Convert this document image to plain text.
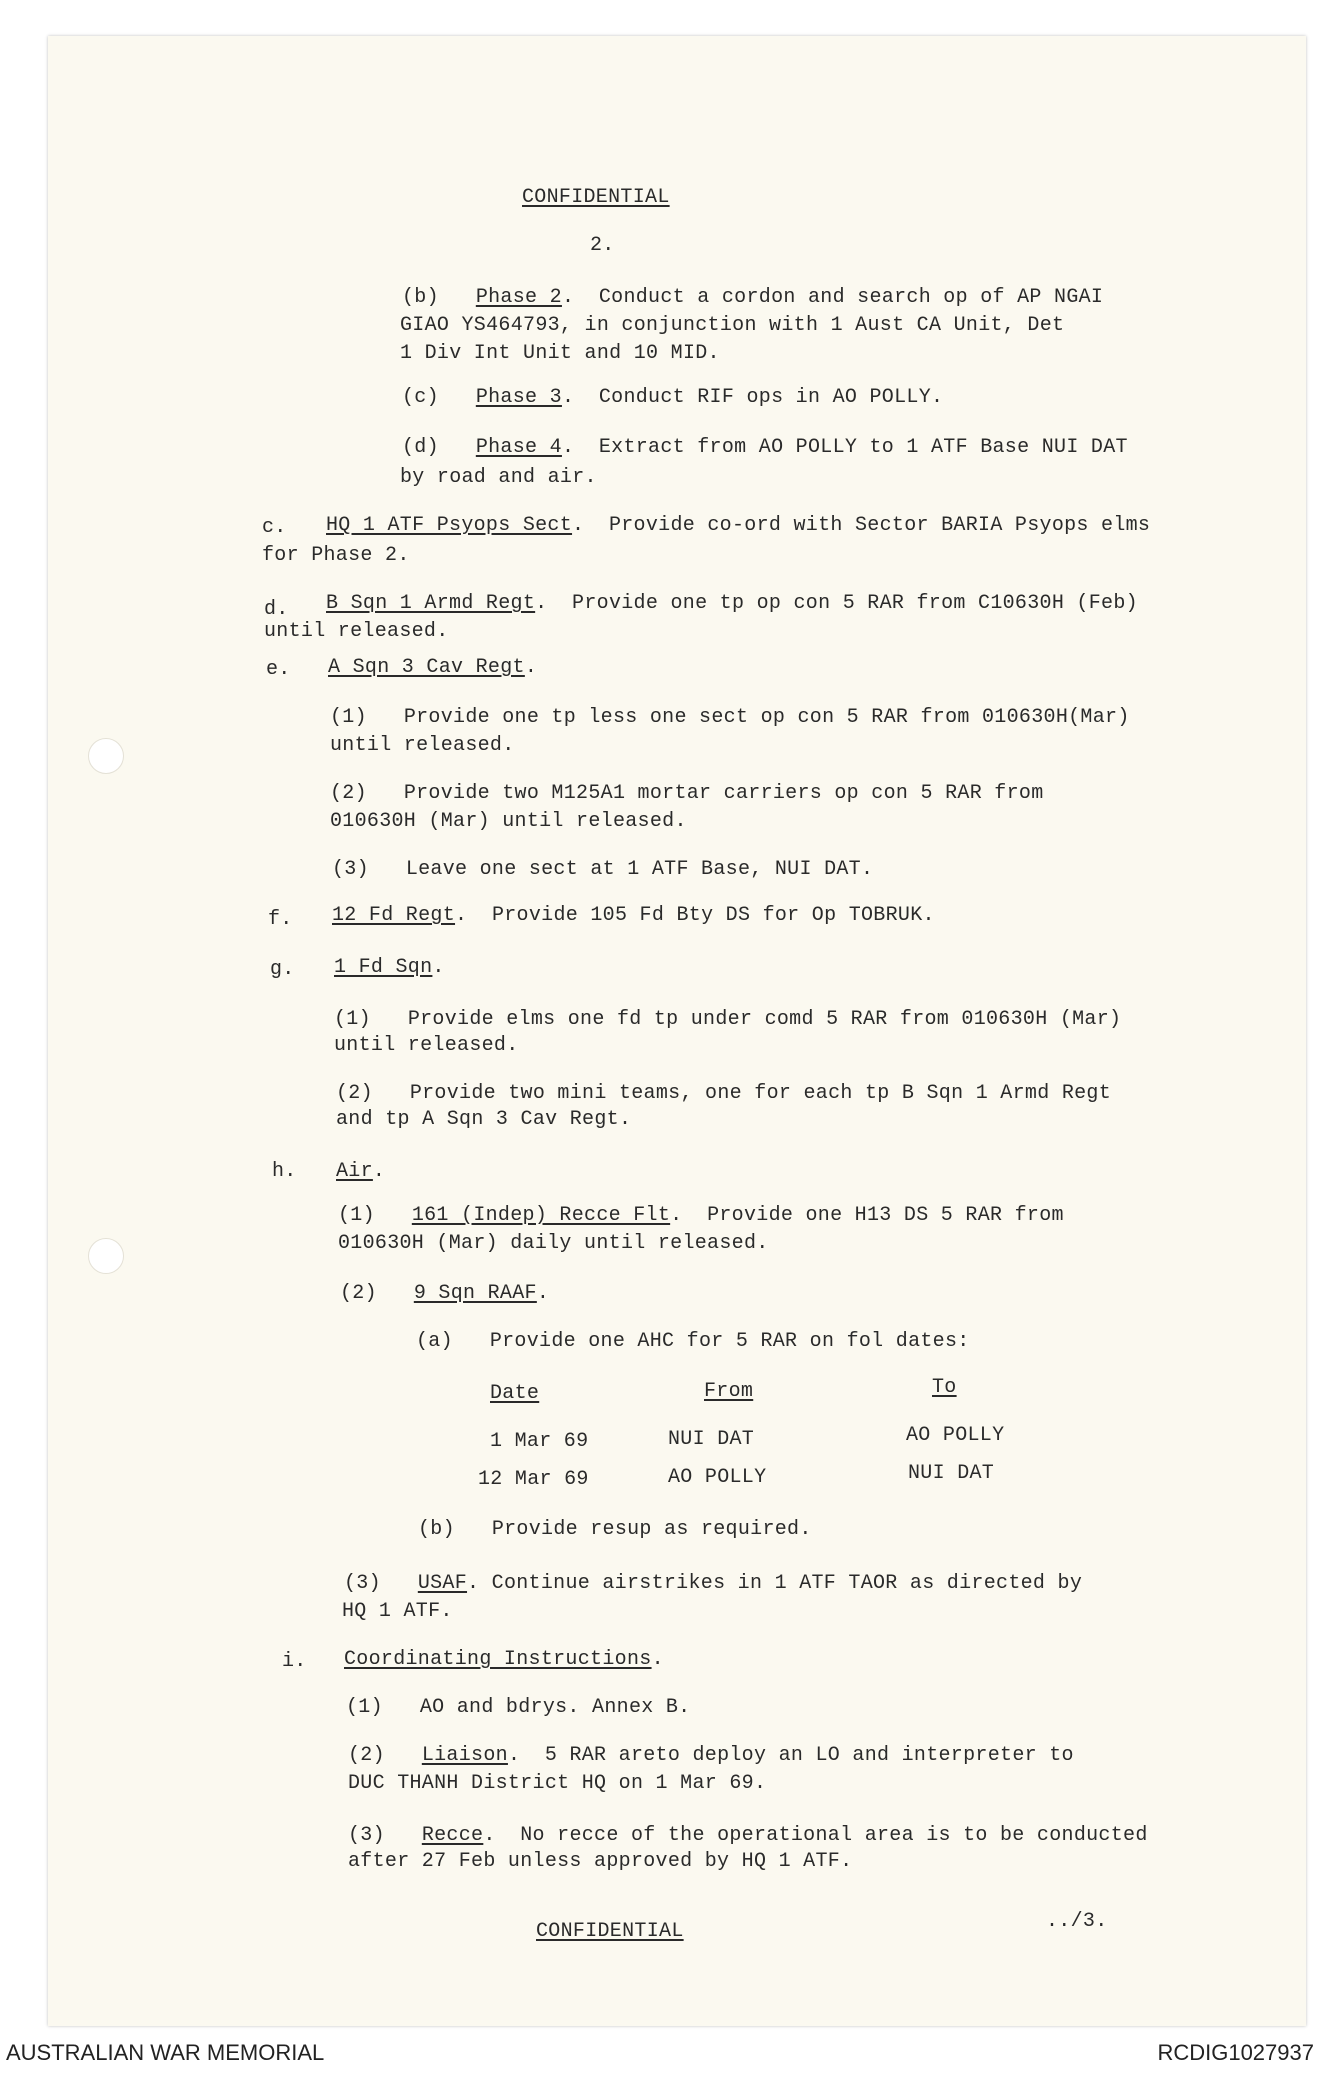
CONFIDENTIAL
2.
(b) Phase 2.  Conduct a cordon and search op of AP NGAI
GIAO YS464793, in conjunction with 1 Aust CA Unit, Det
1 Div Int Unit and 10 MID.
(c) Phase 3.  Conduct RIF ops in AO POLLY.
(d) Phase 4.  Extract from AO POLLY to 1 ATF Base NUI DAT
by road and air.
c. HQ 1 ATF Psyops Sect.  Provide co-ord with Sector BARIA Psyops elms
for Phase 2.
d. B Sqn 1 Armd Regt.  Provide one tp op con 5 RAR from C10630H (Feb)
until released.
e. A Sqn 3 Cav Regt.
(1) Provide one tp less one sect op con 5 RAR from 010630H(Mar)
until released.
(2) Provide two M125A1 mortar carriers op con 5 RAR from
010630H (Mar) until released.
(3) Leave one sect at 1 ATF Base, NUI DAT.
f. 12 Fd Regt.  Provide 105 Fd Bty DS for Op TOBRUK.
g. 1 Fd Sqn.
(1) Provide elms one fd tp under comd 5 RAR from 010630H (Mar)
until released.
(2) Provide two mini teams, one for each tp B Sqn 1 Armd Regt
and tp A Sqn 3 Cav Regt.
h. Air.
(1) 161 (Indep) Recce Flt.  Provide one H13 DS 5 RAR from
010630H (Mar) daily until released.
(2) 9 Sqn RAAF.
(a) Provide one AHC for 5 RAR on fol dates:
Date	From	To
1 Mar 69	NUI DAT	AO POLLY
12 Mar 69	AO POLLY	NUI DAT
(b) Provide resup as required.
(3) USAF. Continue airstrikes in 1 ATF TAOR as directed by
HQ 1 ATF.
i. Coordinating Instructions.
(1) AO and bdrys. Annex B.
(2) Liaison.  5 RAR areto deploy an LO and interpreter to
DUC THANH District HQ on 1 Mar 69.
(3) Recce.  No recce of the operational area is to be conducted
after 27 Feb unless approved by HQ 1 ATF.
CONFIDENTIAL	../3.
AUSTRALIAN WAR MEMORIAL	RCDIG1027937
